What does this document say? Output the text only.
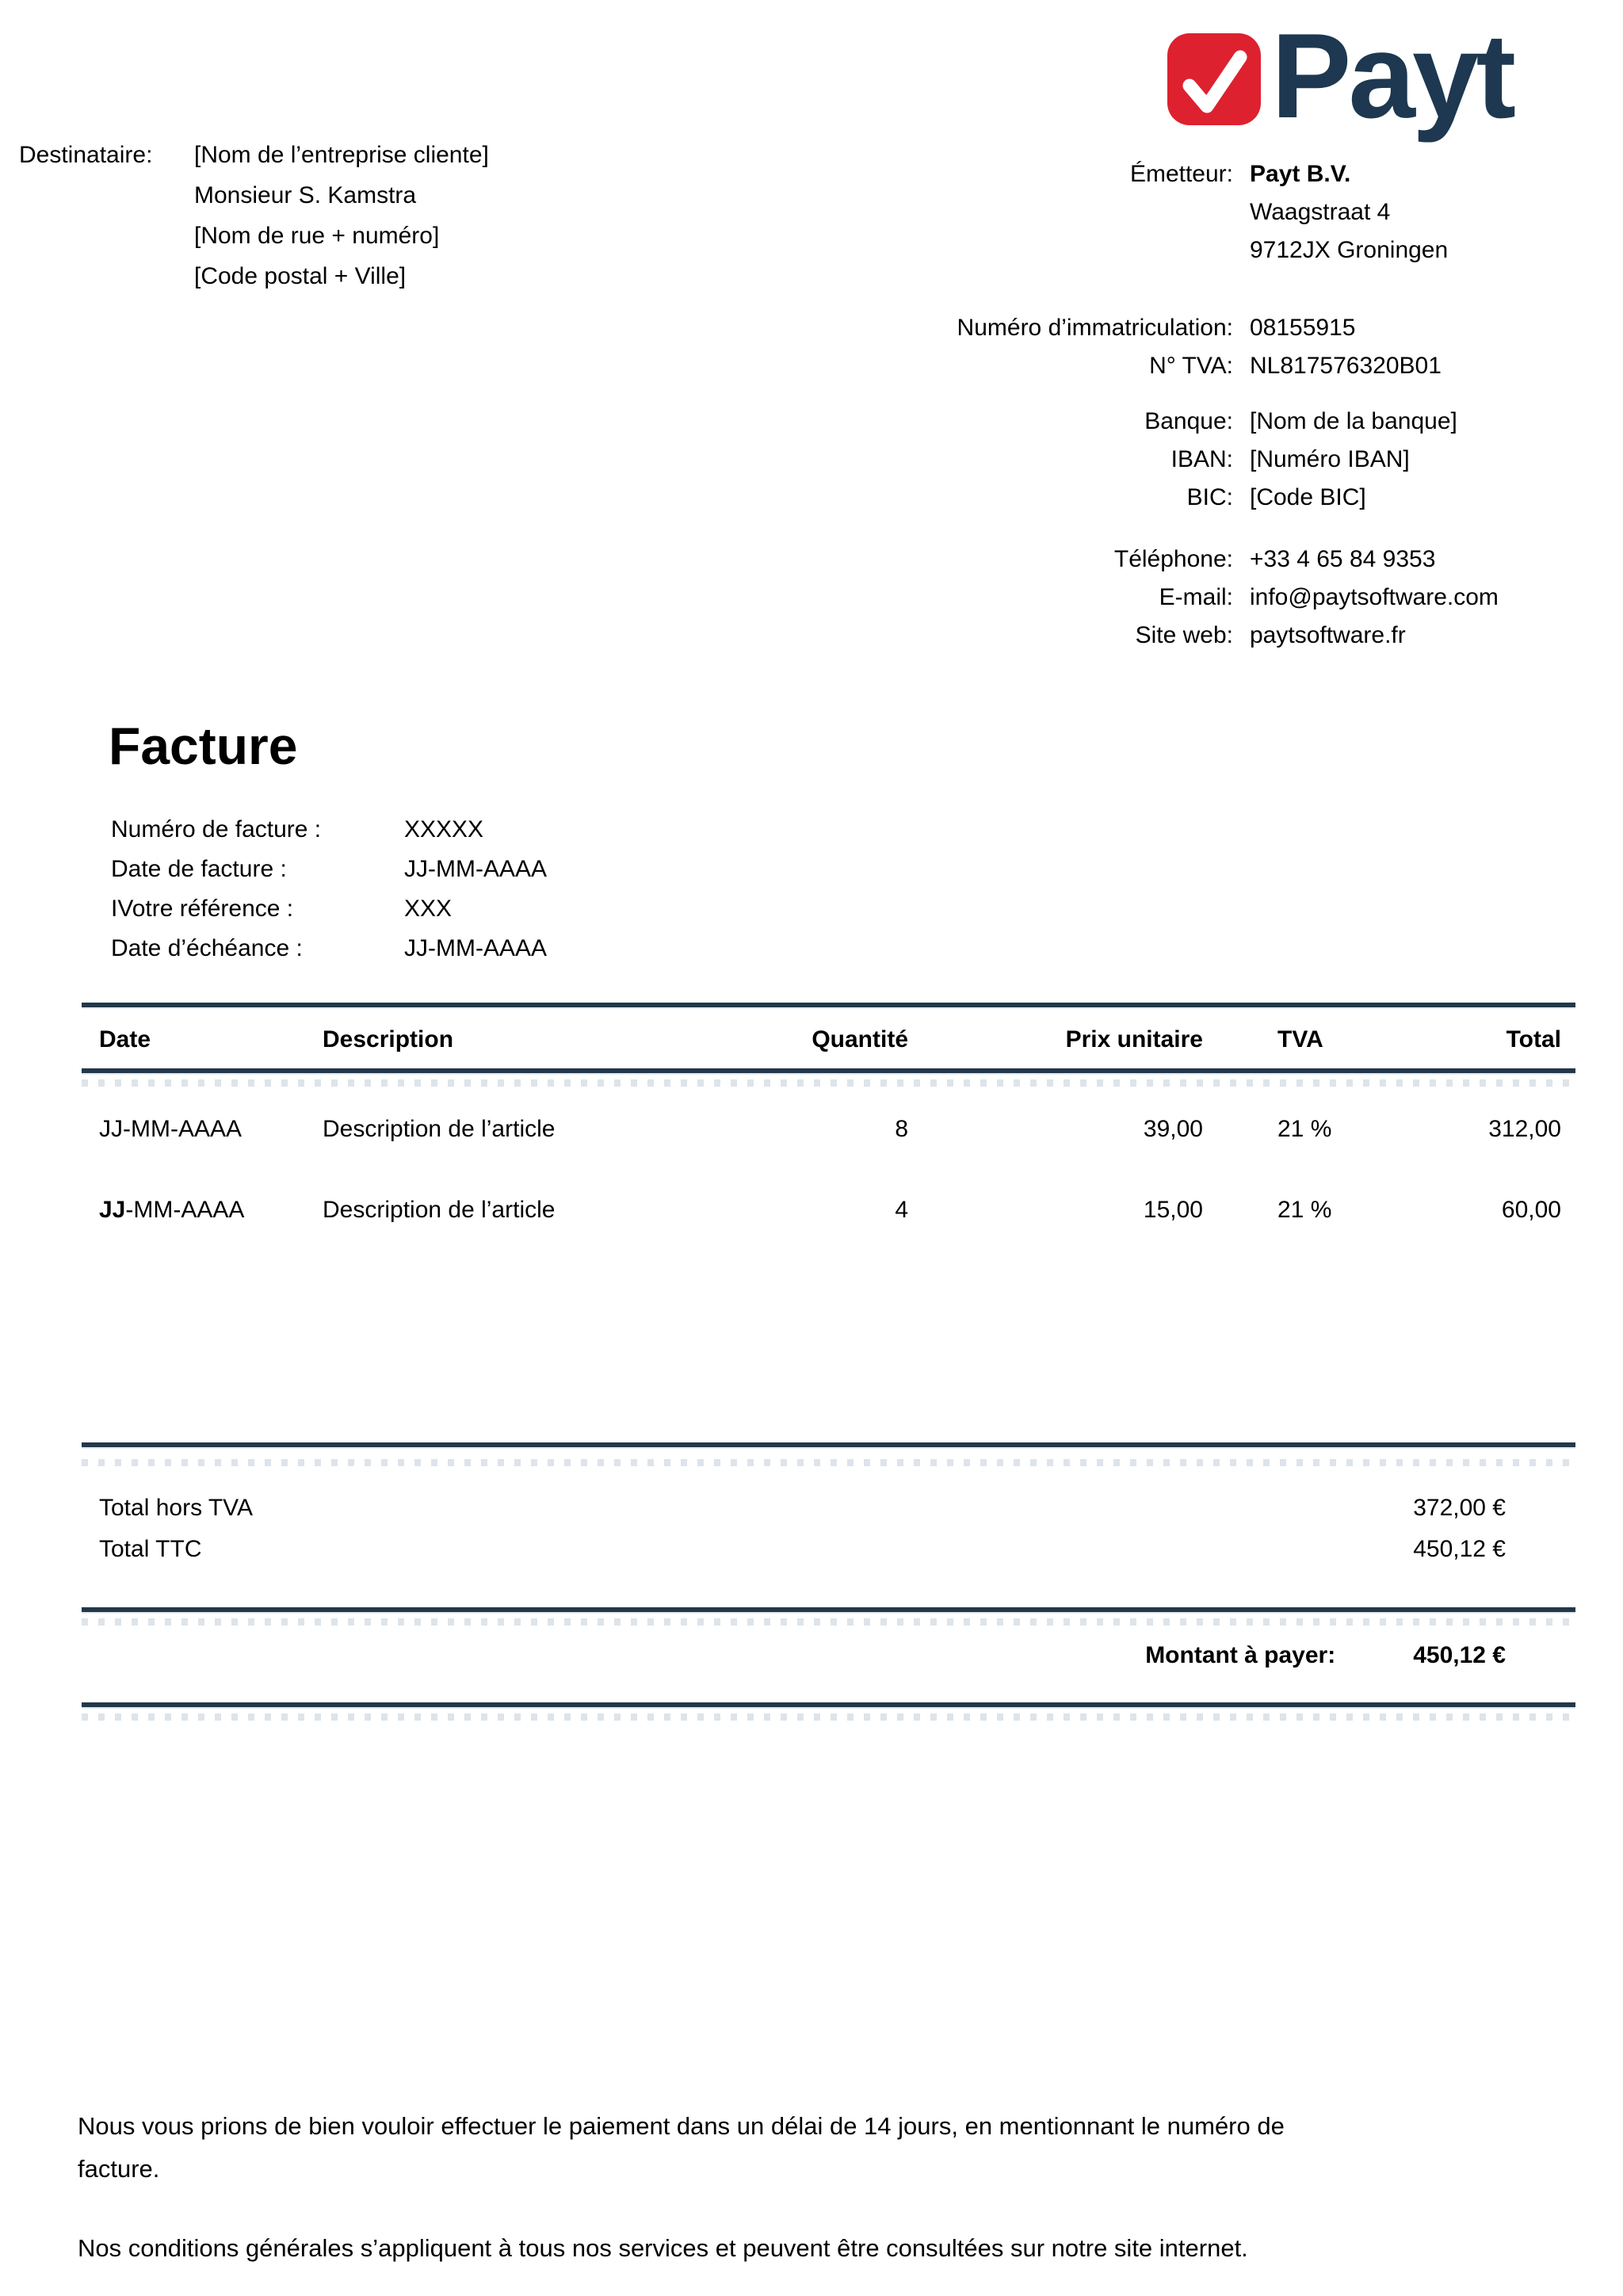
Destinataire:	[Nom de l’entreprise cliente]
Monsieur S. Kamstra
[Nom de rue + numéro]
[Code postal + Ville]
Payt
Émetteur: Payt B.V.
Waagstraat 4
9712JX Groningen
Numéro d’immatriculation: 08155915
N° TVA: NL817576320B01
Banque: [Nom de la banque]
IBAN: [Numéro IBAN]
BIC: [Code BIC]
Téléphone: +33 4 65 84 9353
E-mail: info@paytsoftware.com
Site web: paytsoftware.fr
Facture
Numéro de facture :	XXXXX
Date de facture :	JJ-MM-AAAA
IVotre référence :	XXX
Date d’échéance :	JJ-MM-AAAA
Date	Description	Quantité	Prix unitaire	TVA	Total
JJ-MM-AAAA	Description de l’article	8	39,00	21 %	312,00
JJ-MM-AAAA	Description de l’article	4	15,00	21 %	60,00
Total hors TVA	372,00 €
Total TTC	450,12 €
Montant à payer:	450,12 €
Nous vous prions de bien vouloir effectuer le paiement dans un délai de 14 jours, en mentionnant le numéro de
facture.
Nos conditions générales s’appliquent à tous nos services et peuvent être consultées sur notre site internet.
